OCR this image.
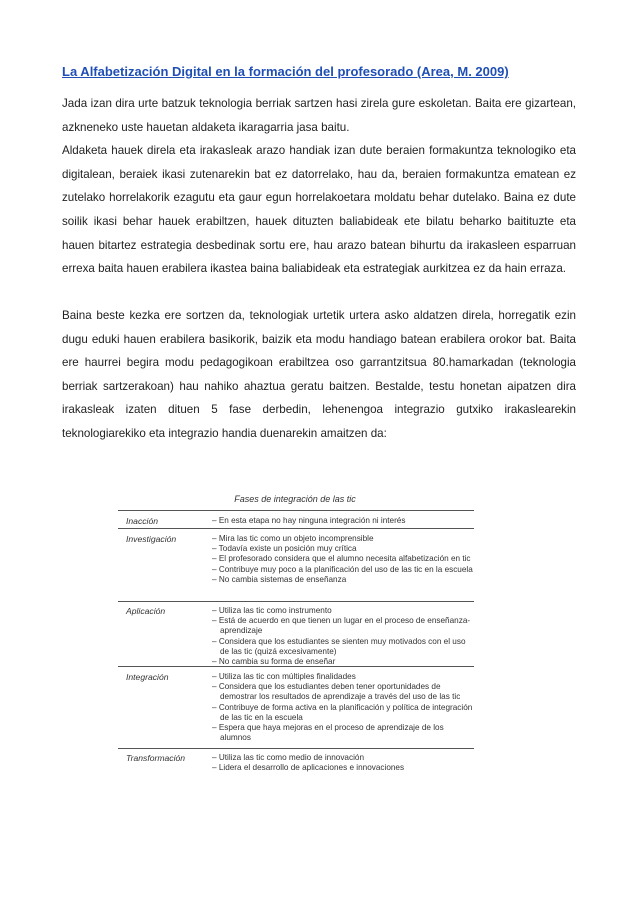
La Alfabetización Digital en la formación del profesorado (Area, M. 2009)

Jada izan dira urte batzuk teknologia berriak sartzen hasi zirela gure eskoletan. Baita ere gizartean, azkneneko uste hauetan aldaketa ikaragarria jasa baitu.
Aldaketa hauek direla eta irakasleak arazo handiak izan dute beraien formakuntza teknologiko eta digitalean, beraiek ikasi zutenarekin bat ez datorrelako, hau da, beraien formakuntza ematean ez zutelako horrelakorik ezagutu eta gaur egun horrelakoetara moldatu behar dutelako. Baina ez dute soilik ikasi behar hauek erabiltzen, hauek dituzten baliabideak ete bilatu beharko baitituzte eta hauen bitartez estrategia desbedinak sortu ere, hau arazo batean bihurtu da irakasleen esparruan errexa baita hauen erabilera ikastea baina baliabideak eta estrategiak aurkitzea ez da hain erraza.

Baina beste kezka ere sortzen da, teknologiak urtetik urtera asko aldatzen direla, horregatik ezin dugu eduki hauen erabilera basikorik, baizik eta modu handiago batean erabilera orokor bat. Baita ere haurrei begira modu pedagogikoan erabiltzea oso garrantzitsua 80.hamarkadan (teknologia berriak sartzerakoan) hau nahiko ahaztua geratu baitzen. Bestalde, testu honetan aipatzen dira irakasleak izaten dituen 5 fase derbedin, lehenengoa integrazio gutxiko irakaslearekin teknologiarekiko eta integrazio handia duenarekin amaitzen da:

Fases de integración de las tic
Inacción	– En esta etapa no hay ninguna integración ni interés
Investigación	– Mira las tic como un objeto incomprensible
– Todavía existe un posición muy crítica
– El profesorado considera que el alumno necesita alfabetización en tic
– Contribuye muy poco a la planificación del uso de las tic en la escuela
– No cambia sistemas de enseñanza
Aplicación	– Utiliza las tic como instrumento
– Está de acuerdo en que tienen un lugar en el proceso de enseñanza-aprendizaje
– Considera que los estudiantes se sienten muy motivados con el uso de las tic (quizá excesivamente)
– No cambia su forma de enseñar
Integración	– Utiliza las tic con múltiples finalidades
– Considera que los estudiantes deben tener oportunidades de demostrar los resultados de aprendizaje a través del uso de las tic
– Contribuye de forma activa en la planificación y política de integración de las tic en la escuela
– Espera que haya mejoras en el proceso de aprendizaje de los alumnos
Transformación	– Utiliza las tic como medio de innovación
– Lidera el desarrollo de aplicaciones e innovaciones
